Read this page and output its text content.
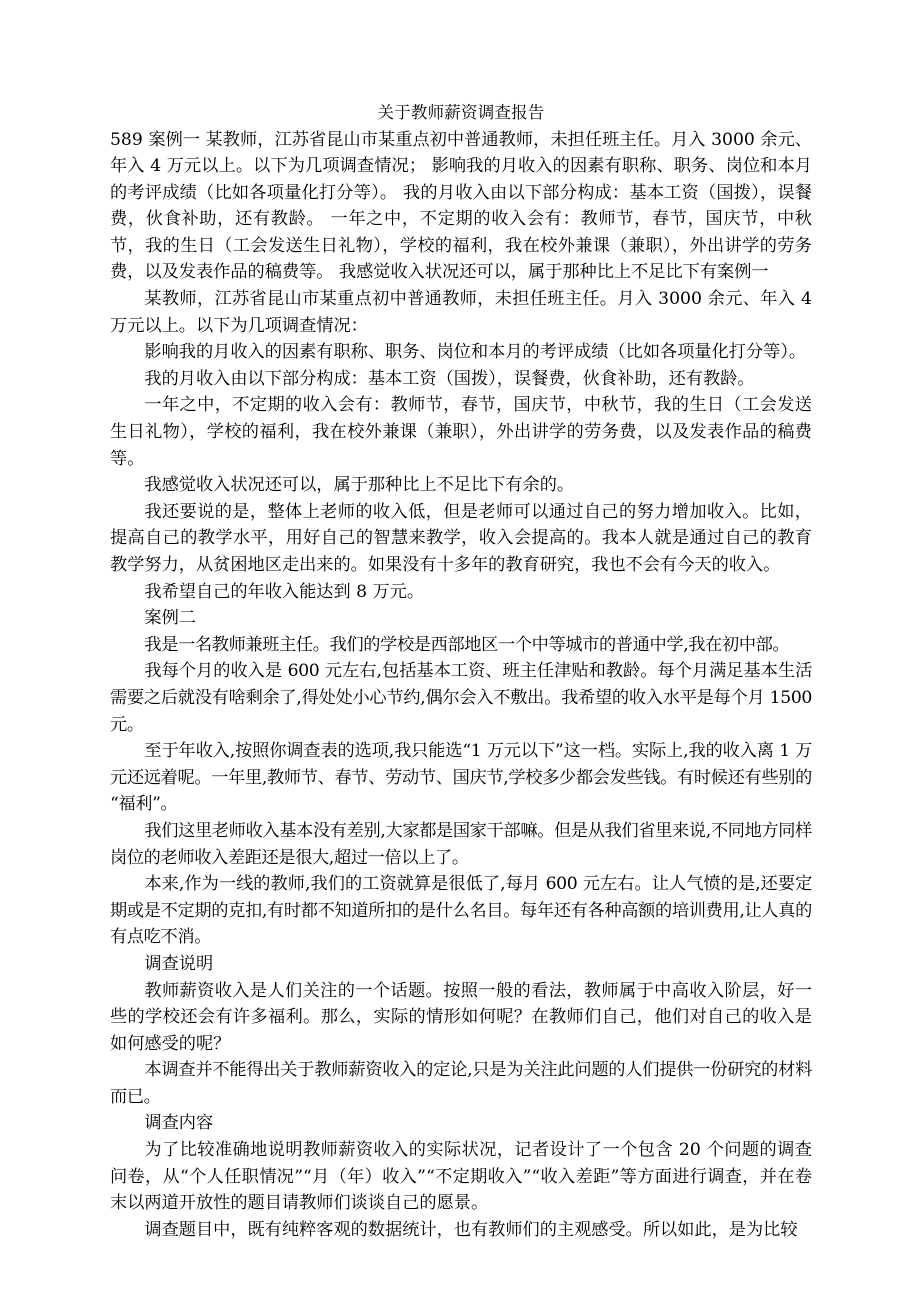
关于教师薪资调查报告

589 案例一 某教师，江苏省昆山市某重点初中普通教师，未担任班主任。月入 3000 余元、年入 4 万元以上。以下为几项调查情况； 影响我的月收入的因素有职称、职务、岗位和本月的考评成绩（比如各项量化打分等）。 我的月收入由以下部分构成：基本工资（国拨），误餐费，伙食补助，还有教龄。 一年之中，不定期的收入会有：教师节，春节，国庆节，中秋节，我的生日（工会发送生日礼物），学校的福利，我在校外兼课（兼职），外出讲学的劳务费，以及发表作品的稿费等。 我感觉收入状况还可以，属于那种比上不足比下有案例一

某教师，江苏省昆山市某重点初中普通教师，未担任班主任。月入 3000 余元、年入 4 万元以上。以下为几项调查情况：

影响我的月收入的因素有职称、职务、岗位和本月的考评成绩（比如各项量化打分等）。

我的月收入由以下部分构成：基本工资（国拨），误餐费，伙食补助，还有教龄。

一年之中，不定期的收入会有：教师节，春节，国庆节，中秋节，我的生日（工会发送生日礼物），学校的福利，我在校外兼课（兼职），外出讲学的劳务费，以及发表作品的稿费等。

我感觉收入状况还可以，属于那种比上不足比下有余的。

我还要说的是，整体上老师的收入低，但是老师可以通过自己的努力增加收入。比如，提高自己的教学水平，用好自己的智慧来教学，收入会提高的。我本人就是通过自己的教育教学努力，从贫困地区走出来的。如果没有十多年的教育研究，我也不会有今天的收入。

我希望自己的年收入能达到 8 万元。

案例二

我是一名教师兼班主任。我们的学校是西部地区一个中等城市的普通中学,我在初中部。

我每个月的收入是 600 元左右,包括基本工资、班主任津贴和教龄。每个月满足基本生活需要之后就没有啥剩余了,得处处小心节约,偶尔会入不敷出。我希望的收入水平是每个月 1500 元。

至于年收入,按照你调查表的选项,我只能选“1 万元以下”这一档。实际上,我的收入离 1 万元还远着呢。一年里,教师节、春节、劳动节、国庆节,学校多少都会发些钱。有时候还有些别的“福利”。

我们这里老师收入基本没有差别,大家都是国家干部嘛。但是从我们省里来说,不同地方同样岗位的老师收入差距还是很大,超过一倍以上了。

本来,作为一线的教师,我们的工资就算是很低了,每月 600 元左右。让人气愤的是,还要定期或是不定期的克扣,有时都不知道所扣的是什么名目。每年还有各种高额的培训费用,让人真的有点吃不消。

调查说明

教师薪资收入是人们关注的一个话题。按照一般的看法，教师属于中高收入阶层，好一些的学校还会有许多福利。那么，实际的情形如何呢？在教师们自己，他们对自己的收入是如何感受的呢？

本调查并不能得出关于教师薪资收入的定论,只是为关注此问题的人们提供一份研究的材料而已。

调查内容

为了比较准确地说明教师薪资收入的实际状况，记者设计了一个包含 20 个问题的调查问卷，从“个人任职情况”“月（年）收入”“不定期收入”“收入差距”等方面进行调查，并在卷末以两道开放性的题目请教师们谈谈自己的愿景。

调查题目中，既有纯粹客观的数据统计，也有教师们的主观感受。所以如此，是为比较
